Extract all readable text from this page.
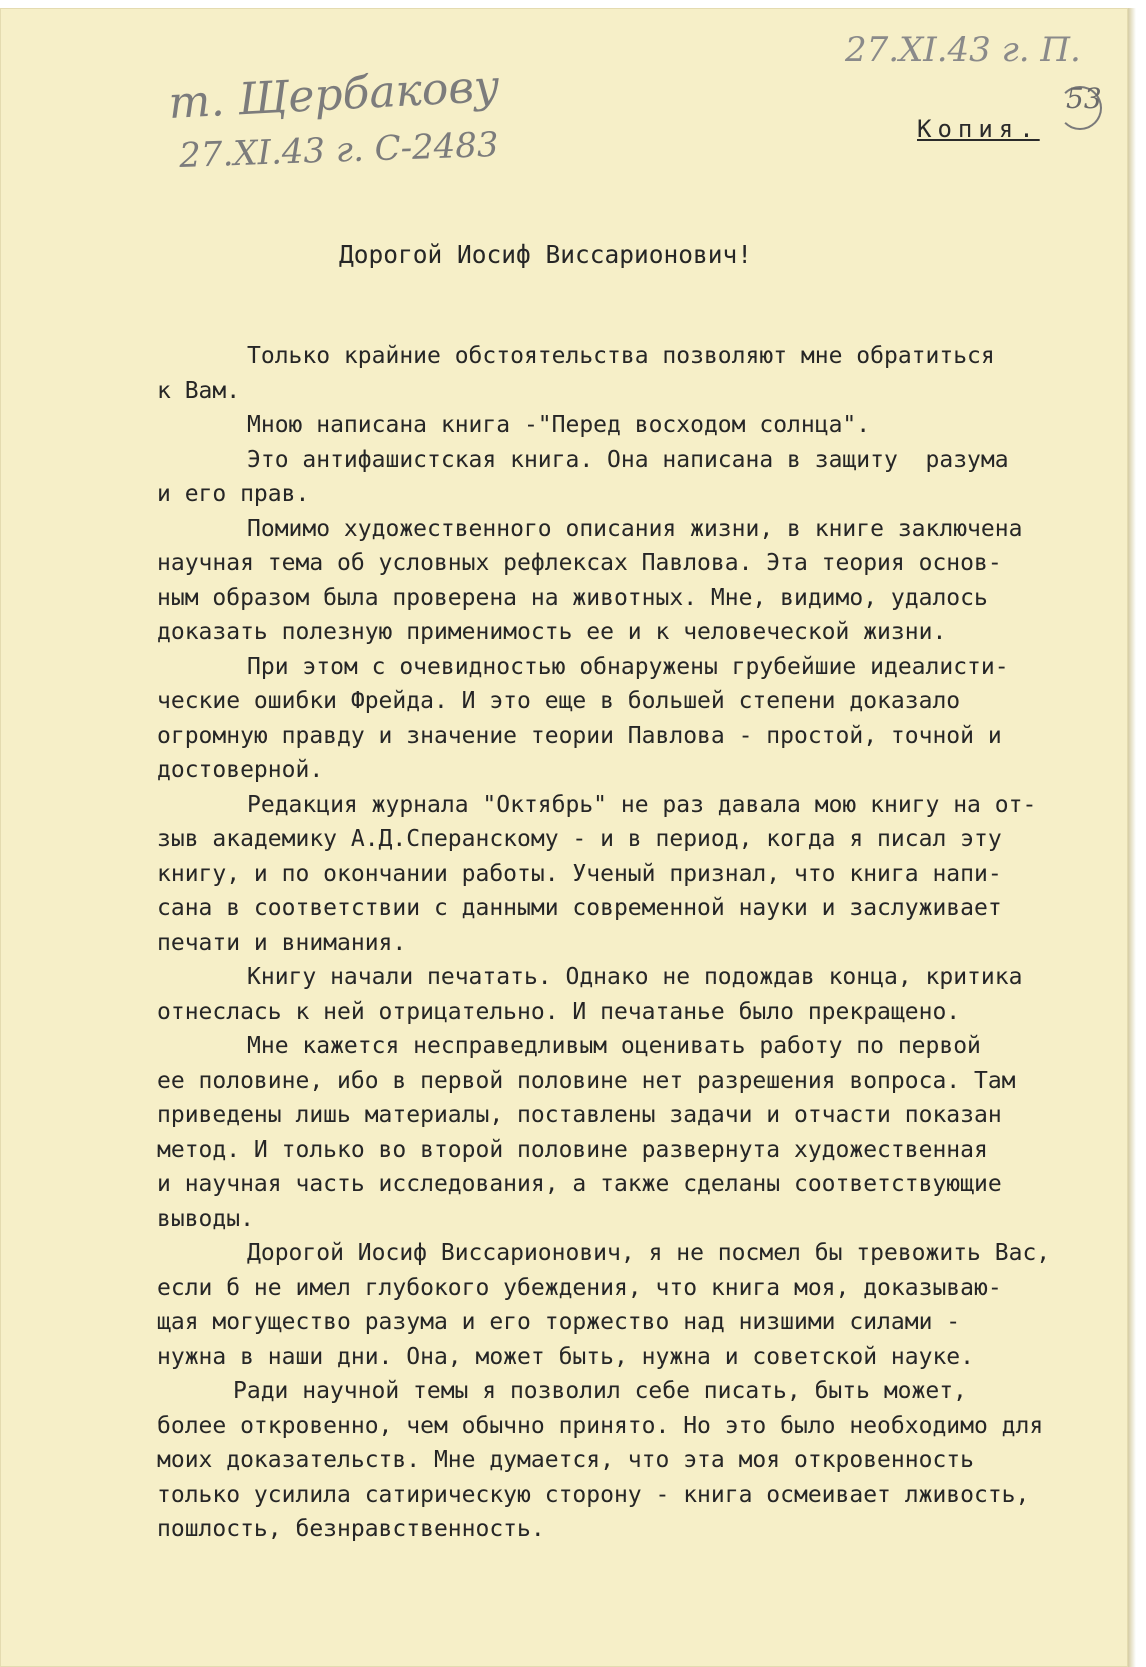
т. Щербакову
27.XI.43 г. С-2483
27.XI.43 г. П.
53
Копия.
Дорогой Иосиф Виссарионович!
Только крайние обстоятельства позволяют мне обратиться
к Вам.
Мною написана книга -"Перед восходом солнца".
Это антифашистская книга. Она написана в защиту  разума
и его прав.
Помимо художественного описания жизни, в книге заключена
научная тема об условных рефлексах Павлова. Эта теория основ-
ным образом была проверена на животных. Мне, видимо, удалось
доказать полезную применимость ее и к человеческой жизни.
При этом с очевидностью обнаружены грубейшие идеалисти-
ческие ошибки Фрейда. И это еще в большей степени доказало
огромную правду и значение теории Павлова - простой, точной и
достоверной.
Редакция журнала "Октябрь" не раз давала мою книгу на от-
зыв академику А.Д.Сперанскому - и в период, когда я писал эту
книгу, и по окончании работы. Ученый признал, что книга напи-
сана в соответствии с данными современной науки и заслуживает
печати и внимания.
Книгу начали печатать. Однако не подождав конца, критика
отнеслась к ней отрицательно. И печатанье было прекращено.
Мне кажется несправедливым оценивать работу по первой
ее половине, ибо в первой половине нет разрешения вопроса. Там
приведены лишь материалы, поставлены задачи и отчасти показан
метод. И только во второй половине развернута художественная
и научная часть исследования, а также сделаны соответствующие
выводы.
Дорогой Иосиф Виссарионович, я не посмел бы тревожить Вас,
если б не имел глубокого убеждения, что книга моя, доказываю-
щая могущество разума и его торжество над низшими силами -
нужна в наши дни. Она, может быть, нужна и советской науке.
Ради научной темы я позволил себе писать, быть может,
более откровенно, чем обычно принято. Но это было необходимо для
моих доказательств. Мне думается, что эта моя откровенность
только усилила сатирическую сторону - книга осмеивает лживость,
пошлость, безнравственность.
